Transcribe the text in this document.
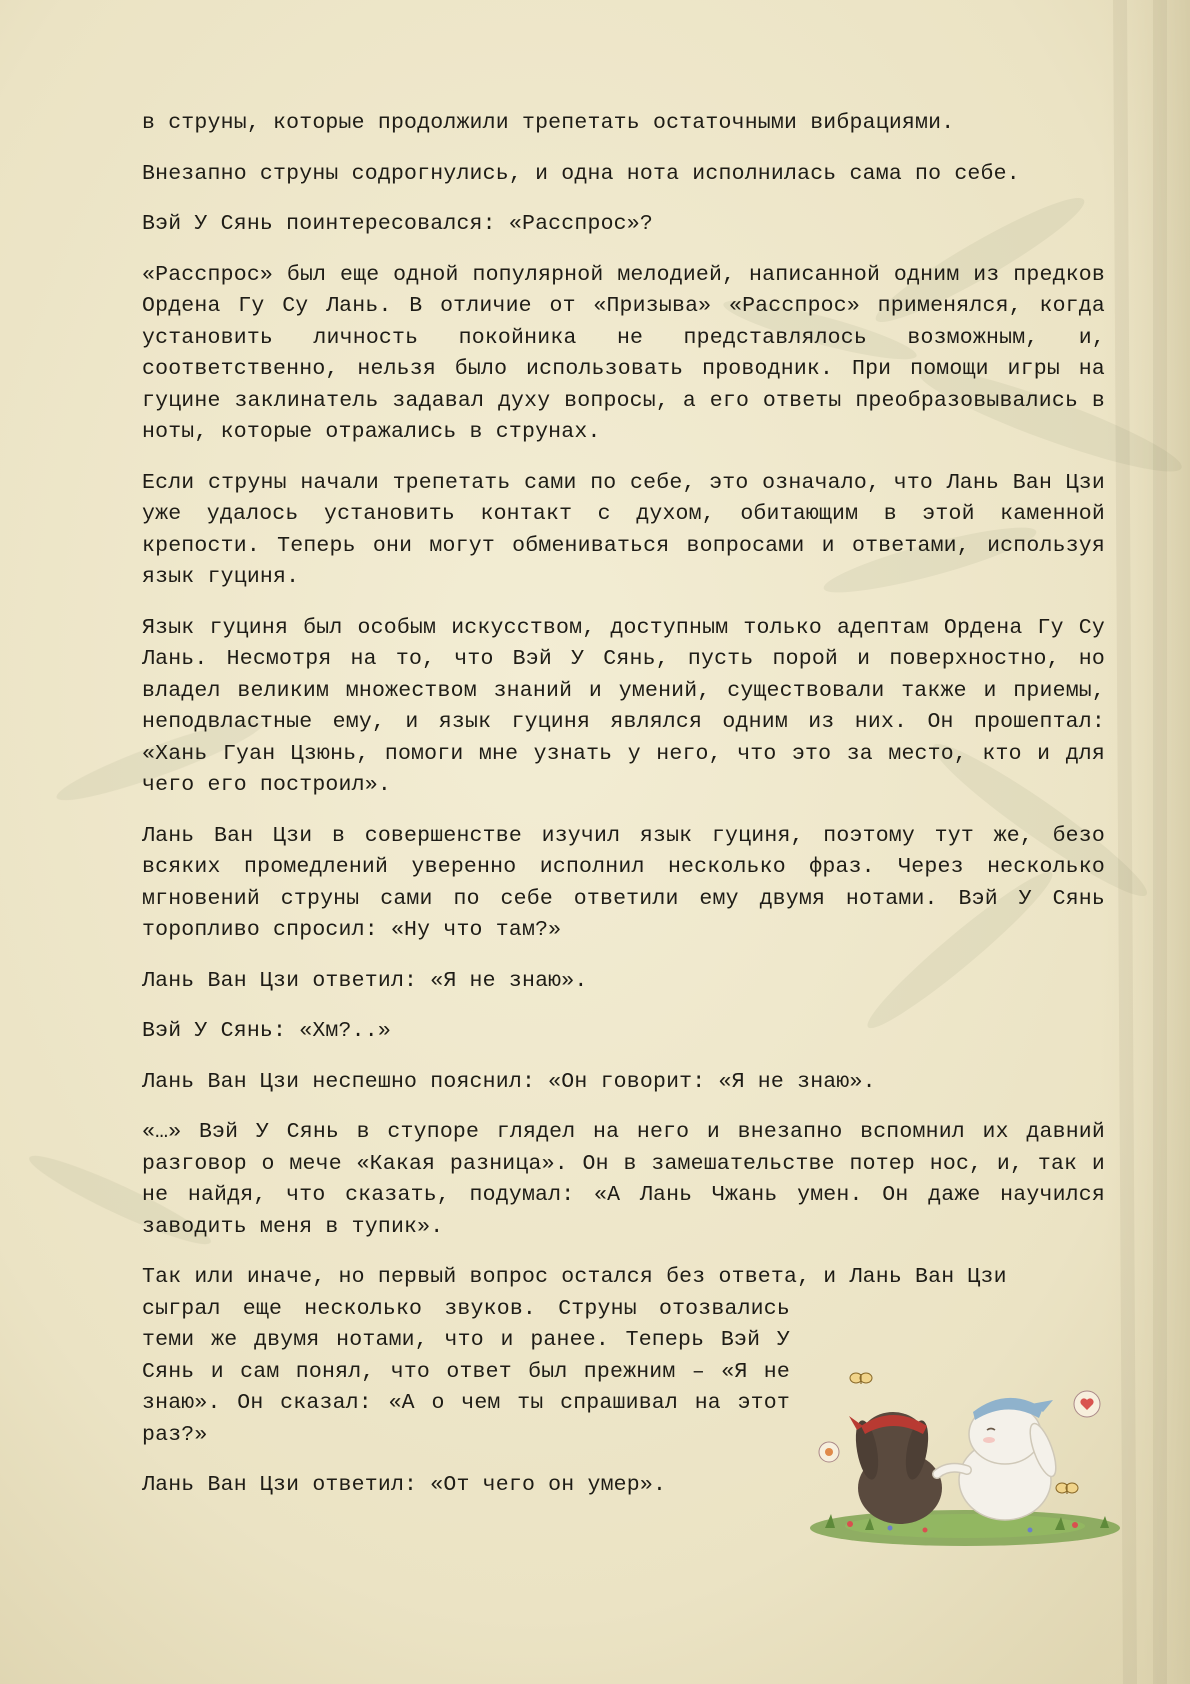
в струны, которые продолжили трепетать остаточными вибрациями.

Внезапно струны содрогнулись, и одна нота исполнилась сама по себе.

Вэй У Сянь поинтересовался: «Расспрос»?

«Расспрос» был еще одной популярной мелодией, написанной одним из предков Ордена Гу Су Лань. В отличие от «Призыва» «Расспрос» применялся, когда установить личность покойника не представлялось возможным, и, соответственно, нельзя было использовать проводник. При помощи игры на гуцине заклинатель задавал духу вопросы, а его ответы преобразовывались в ноты, которые отражались в струнах.

Если струны начали трепетать сами по себе, это означало, что Лань Ван Цзи уже удалось установить контакт с духом, обитающим в этой каменной крепости. Теперь они могут обмениваться вопросами и ответами, используя язык гуциня.

Язык гуциня был особым искусством, доступным только адептам Ордена Гу Су Лань. Несмотря на то, что Вэй У Сянь, пусть порой и поверхностно, но владел великим множеством знаний и умений, существовали также и приемы, неподвластные ему, и язык гуциня являлся одним из них. Он прошептал: «Хань Гуан Цзюнь, помоги мне узнать у него, что это за место, кто и для чего его построил».

Лань Ван Цзи в совершенстве изучил язык гуциня, поэтому тут же, безо всяких промедлений уверенно исполнил несколько фраз. Через несколько мгновений струны сами по себе ответили ему двумя нотами. Вэй У Сянь торопливо спросил: «Ну что там?»

Лань Ван Цзи ответил: «Я не знаю».

Вэй У Сянь: «Хм?..»

Лань Ван Цзи неспешно пояснил: «Он говорит: «Я не знаю».

«…» Вэй У Сянь в ступоре глядел на него и внезапно вспомнил их давний разговор о мече «Какая разница». Он в замешательстве потер нос, и, так и не найдя, что сказать, подумал: «А Лань Чжань умен. Он даже научился заводить меня в тупик».

Так или иначе, но первый вопрос остался без ответа, и Лань Ван Цзи

сыграл еще несколько звуков. Струны отозвались теми же двумя нотами, что и ранее. Теперь Вэй У Сянь и сам понял, что ответ был прежним – «Я не знаю». Он сказал: «А о чем ты спрашивал на этот раз?»

Лань Ван Цзи ответил: «От чего он умер».
